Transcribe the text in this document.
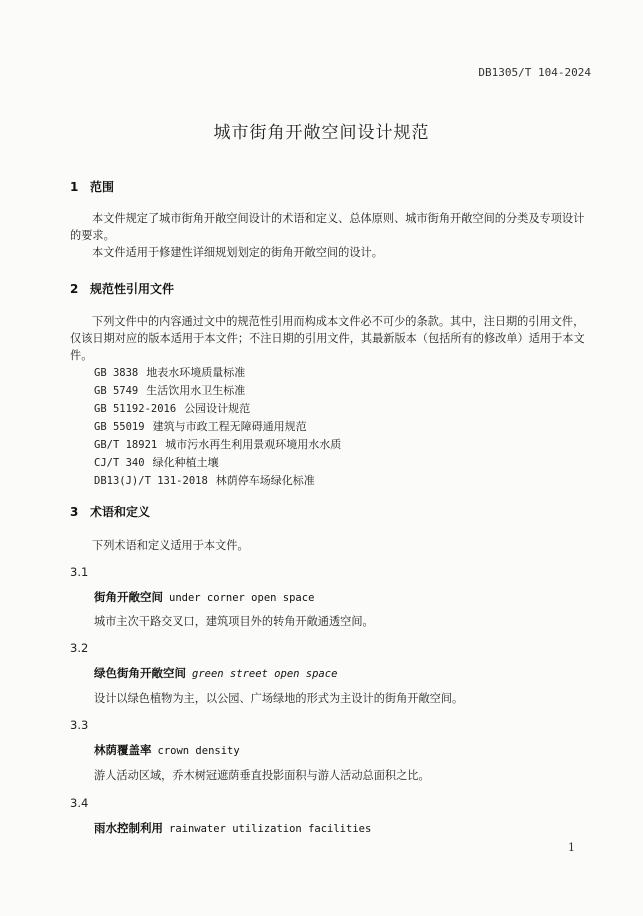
DB1305/T 104-2024
城市街角开敞空间设计规范
1 范围
本文件规定了城市街角开敞空间设计的术语和定义、总体原则、城市街角开敞空间的分类及专项设计的要求。
本文件适用于修建性详细规划划定的街角开敞空间的设计。
2 规范性引用文件
下列文件中的内容通过文中的规范性引用而构成本文件必不可少的条款。其中，注日期的引用文件，仅该日期对应的版本适用于本文件；不注日期的引用文件，其最新版本（包括所有的修改单）适用于本文件。
GB 3838 地表水环境质量标准
GB 5749 生活饮用水卫生标准
GB 51192-2016 公园设计规范
GB 55019 建筑与市政工程无障碍通用规范
GB/T 18921 城市污水再生利用景观环境用水水质
CJ/T 340 绿化种植土壤
DB13(J)/T 131-2018 林荫停车场绿化标准
3 术语和定义
下列术语和定义适用于本文件。
3.1
街角开敞空间 under corner open space
城市主次干路交叉口，建筑项目外的转角开敞通透空间。
3.2
绿色街角开敞空间 green street open space
设计以绿色植物为主，以公园、广场绿地的形式为主设计的街角开敞空间。
3.3
林荫覆盖率 crown density
游人活动区域，乔木树冠遮荫垂直投影面积与游人活动总面积之比。
3.4
雨水控制利用 rainwater utilization facilities
1
